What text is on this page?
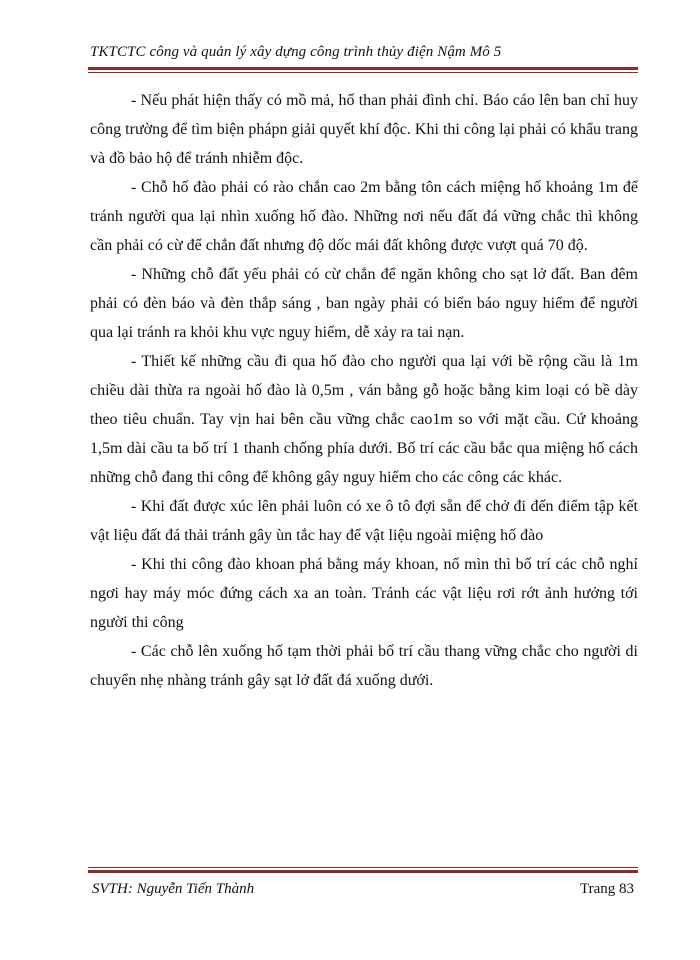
TKTCTC công và quản lý xây dựng công trình thủy điện Nậm Mô 5

- Nếu phát hiện thấy có mồ mả, hố than phải đình chỉ. Báo cáo lên ban chỉ huy công trường để tìm biện phápn giải quyết khí độc. Khi thi công lại phải có khẩu trang và đồ bảo hộ để tránh nhiễm độc.

- Chỗ hố đào phải có rào chắn cao 2m bằng tôn cách miệng hố khoảng 1m để tránh người qua lại nhìn xuống hố đào. Những nơi nếu đất đá vững chắc thì không cần phải có cừ để chắn đất nhưng độ dốc mái đất không được vượt quá 70 độ.

- Những chỗ đất yếu phải có cừ chắn để ngăn không cho sạt lở đất. Ban đêm phải có đèn báo và đèn thắp sáng , ban ngày phải có biển báo nguy hiểm để người qua lại tránh ra khỏi khu vực nguy hiểm, dễ xảy ra tai nạn.

- Thiết kế những cầu đi qua hố đào cho người qua lại với bề rộng cầu là 1m chiều dài thừa ra ngoài hố đào là 0,5m , ván bằng gỗ hoặc bằng kim loại có bề dày theo tiêu chuẩn. Tay vịn hai bên cầu vững chắc cao1m so với mặt cầu. Cứ khoảng 1,5m dài cầu ta bố trí 1 thanh chống phía dưới. Bố trí các cầu bắc qua miệng hố cách những chỗ đang thi công để không gây nguy hiểm cho các công các khác.

- Khi đất được xúc lên phải luôn có xe ô tô đợi sẵn để chở đi đến điểm tập kết vật liệu đất đá thải tránh gây ùn tắc hay để vật liệu ngoài miệng hố đào

- Khi thi công đào khoan phá bằng máy khoan, nổ mìn thì bố trí các chỗ nghỉ ngơi hay máy móc đứng cách xa an toàn. Tránh các vật liệu rơi rớt ảnh hưởng tới người thi công

- Các chỗ lên xuống hố tạm thời phải bố trí cầu thang vững chắc cho người di chuyển nhẹ nhàng tránh gây sạt lở đất đá xuống dưới.

SVTH: Nguyễn Tiến Thành	Trang 83
